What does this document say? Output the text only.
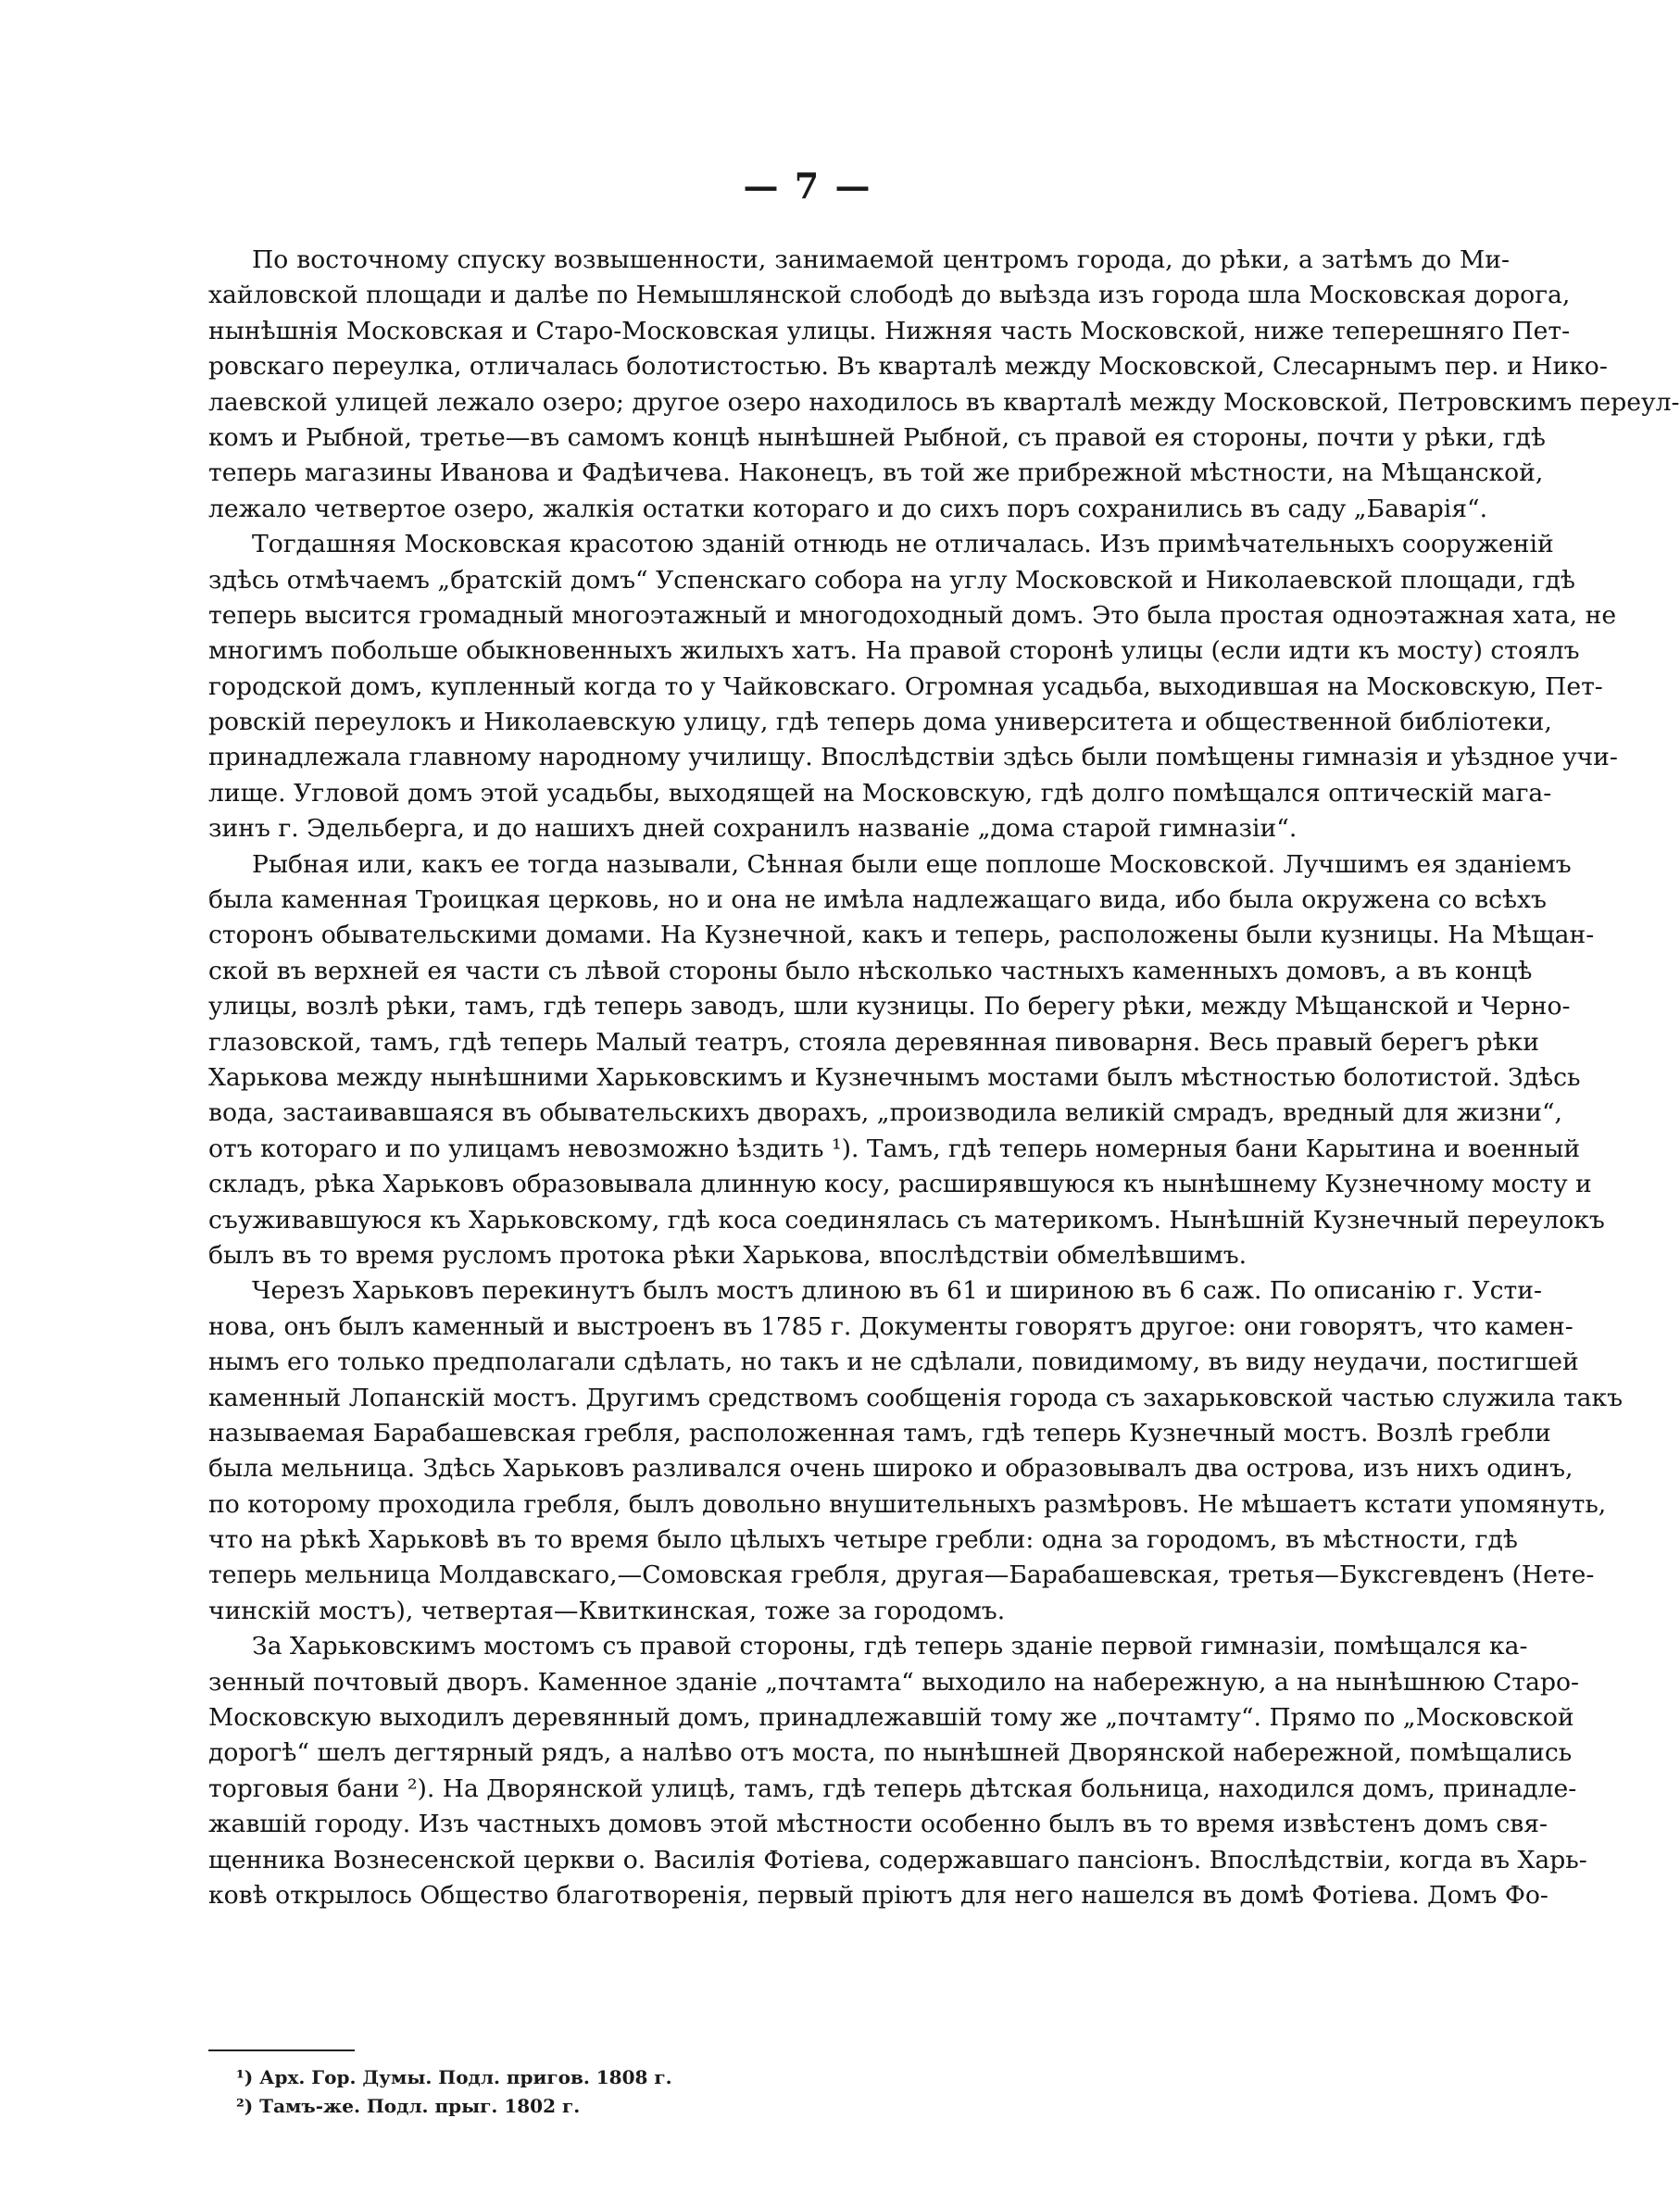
— 7 —
По восточному спуску возвышенности, занимаемой центромъ города, до рѣки, а затѣмъ до Ми-
хайловской площади и далѣе по Немышлянской слободѣ до выѣзда изъ города шла Московская дорога,
нынѣшнія Московская и Старо-Московская улицы. Нижняя часть Московской, ниже теперешняго Пет-
ровскаго переулка, отличалась болотистостью. Въ кварталѣ между Московской, Слесарнымъ пер. и Нико-
лаевской улицей лежало озеро; другое озеро находилось въ кварталѣ между Московской, Петровскимъ переул-
комъ и Рыбной, третье—въ самомъ концѣ нынѣшней Рыбной, съ правой ея стороны, почти у рѣки, гдѣ
теперь магазины Иванова и Фадѣичева. Наконецъ, въ той же прибрежной мѣстности, на Мѣщанской,
лежало четвертое озеро, жалкія остатки котораго и до сихъ поръ сохранились въ саду „Баварія“.
Тогдашняя Московская красотою зданій отнюдь не отличалась. Изъ примѣчательныхъ сооруженій
здѣсь отмѣчаемъ „братскій домъ“ Успенскаго собора на углу Московской и Николаевской площади, гдѣ
теперь высится громадный многоэтажный и многодоходный домъ. Это была простая одноэтажная хата, не
многимъ побольше обыкновенныхъ жилыхъ хатъ. На правой сторонѣ улицы (если идти къ мосту) стоялъ
городской домъ, купленный когда то у Чайковскаго. Огромная усадьба, выходившая на Московскую, Пет-
ровскій переулокъ и Николаевскую улицу, гдѣ теперь дома университета и общественной библіотеки,
принадлежала главному народному училищу. Впослѣдствіи здѣсь были помѣщены гимназія и уѣздное учи-
лище. Угловой домъ этой усадьбы, выходящей на Московскую, гдѣ долго помѣщался оптическій мага-
зинъ г. Эдельберга, и до нашихъ дней сохранилъ названіе „дома старой гимназіи“.
Рыбная или, какъ ее тогда называли, Сѣнная были еще поплоше Московской. Лучшимъ ея зданіемъ
была каменная Троицкая церковь, но и она не имѣла надлежащаго вида, ибо была окружена со всѣхъ
сторонъ обывательскими домами. На Кузнечной, какъ и теперь, расположены были кузницы. На Мѣщан-
ской въ верхней ея части съ лѣвой стороны было нѣсколько частныхъ каменныхъ домовъ, а въ концѣ
улицы, возлѣ рѣки, тамъ, гдѣ теперь заводъ, шли кузницы. По берегу рѣки, между Мѣщанской и Черно-
глазовской, тамъ, гдѣ теперь Малый театръ, стояла деревянная пивоварня. Весь правый берегъ рѣки
Харькова между нынѣшними Харьковскимъ и Кузнечнымъ мостами былъ мѣстностью болотистой. Здѣсь
вода, застаивавшаяся въ обывательскихъ дворахъ, „производила великій смрадъ, вредный для жизни“,
отъ котораго и по улицамъ невозможно ѣздить ¹). Тамъ, гдѣ теперь номерныя бани Карытина и военный
складъ, рѣка Харьковъ образовывала длинную косу, расширявшуюся къ нынѣшнему Кузнечному мосту и
съуживавшуюся къ Харьковскому, гдѣ коса соединялась съ материкомъ. Нынѣшній Кузнечный переулокъ
былъ въ то время русломъ протока рѣки Харькова, впослѣдствіи обмелѣвшимъ.
Черезъ Харьковъ перекинутъ былъ мостъ длиною въ 61 и шириною въ 6 саж. По описанію г. Усти-
нова, онъ былъ каменный и выстроенъ въ 1785 г. Документы говорятъ другое: они говорятъ, что камен-
нымъ его только предполагали сдѣлать, но такъ и не сдѣлали, повидимому, въ виду неудачи, постигшей
каменный Лопанскій мостъ. Другимъ средствомъ сообщенія города съ захарьковской частью служила такъ
называемая Барабашевская гребля, расположенная тамъ, гдѣ теперь Кузнечный мостъ. Возлѣ гребли
была мельница. Здѣсь Харьковъ разливался очень широко и образовывалъ два острова, изъ нихъ одинъ,
по которому проходила гребля, былъ довольно внушительныхъ размѣровъ. Не мѣшаетъ кстати упомянуть,
что на рѣкѣ Харьковѣ въ то время было цѣлыхъ четыре гребли: одна за городомъ, въ мѣстности, гдѣ
теперь мельница Молдавскаго,—Сомовская гребля, другая—Барабашевская, третья—Буксгевденъ (Нете-
чинскій мостъ), четвертая—Квиткинская, тоже за городомъ.
За Харьковскимъ мостомъ съ правой стороны, гдѣ теперь зданіе первой гимназіи, помѣщался ка-
зенный почтовый дворъ. Каменное зданіе „почтамта“ выходило на набережную, а на нынѣшнюю Старо-
Московскую выходилъ деревянный домъ, принадлежавшій тому же „почтамту“. Прямо по „Московской
дорогѣ“ шелъ дегтярный рядъ, а налѣво отъ моста, по нынѣшней Дворянской набережной, помѣщались
торговыя бани ²). На Дворянской улицѣ, тамъ, гдѣ теперь дѣтская больница, находился домъ, принадле-
жавшій городу. Изъ частныхъ домовъ этой мѣстности особенно былъ въ то время извѣстенъ домъ свя-
щенника Вознесенской церкви о. Василія Фотіева, содержавшаго пансіонъ. Впослѣдствіи, когда въ Харь-
ковѣ открылось Общество благотворенія, первый пріютъ для него нашелся въ домѣ Фотіева. Домъ Фо-
¹) Арх. Гор. Думы. Подл. пригов. 1808 г.
²) Тамъ-же. Подл. прыг. 1802 г.
